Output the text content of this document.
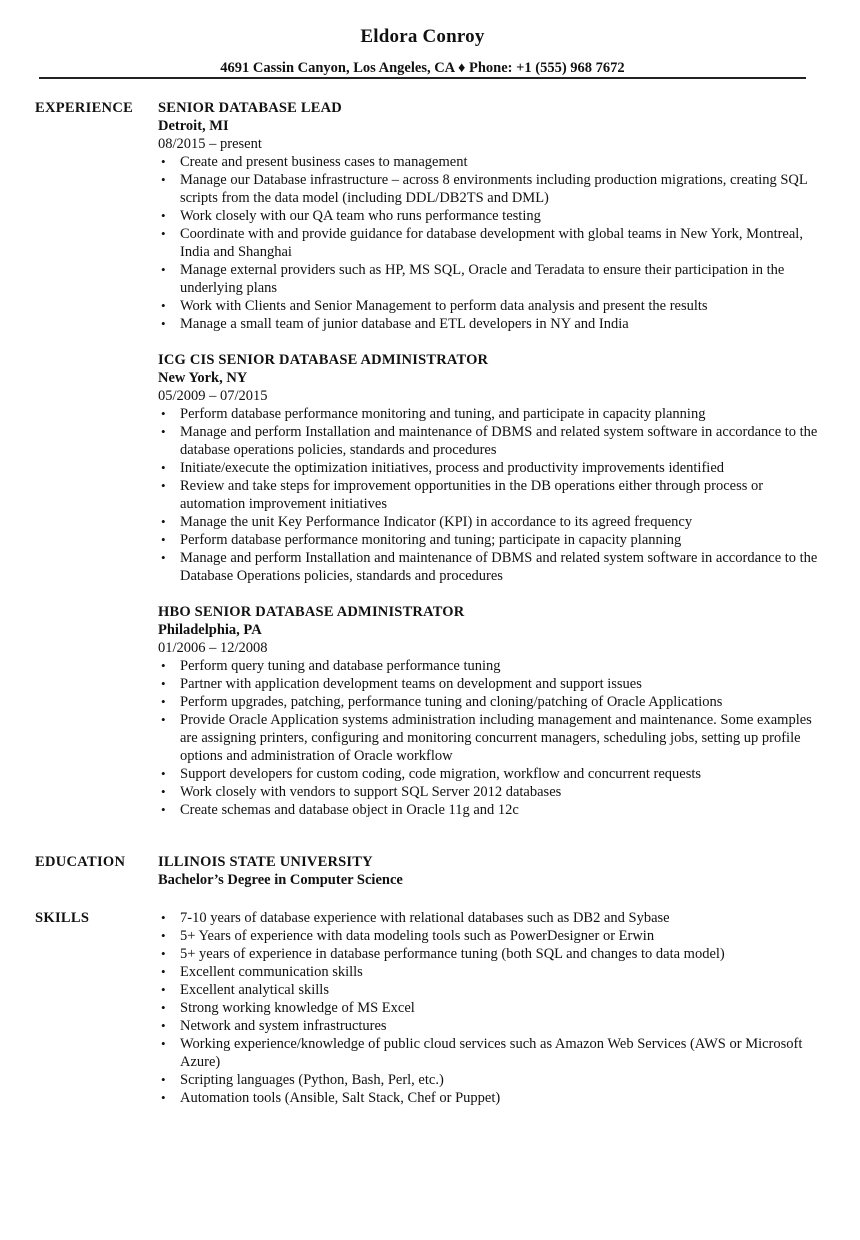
Eldora Conroy
4691 Cassin Canyon, Los Angeles, CA ♦ Phone: +1 (555) 968 7672
EXPERIENCE SENIOR DATABASE LEAD
Detroit, MI
08/2015 – present
• Create and present business cases to management
• Manage our Database infrastructure – across 8 environments including production migrations, creating SQL scripts from the data model (including DDL/DB2TS and DML)
• Work closely with our QA team who runs performance testing
• Coordinate with and provide guidance for database development with global teams in New York, Montreal, India and Shanghai
• Manage external providers such as HP, MS SQL, Oracle and Teradata to ensure their participation in the underlying plans
• Work with Clients and Senior Management to perform data analysis and present the results
• Manage a small team of junior database and ETL developers in NY and India
ICG CIS SENIOR DATABASE ADMINISTRATOR
New York, NY
05/2009 – 07/2015
• Perform database performance monitoring and tuning, and participate in capacity planning
• Manage and perform Installation and maintenance of DBMS and related system software in accordance to the database operations policies, standards and procedures
• Initiate/execute the optimization initiatives, process and productivity improvements identified
• Review and take steps for improvement opportunities in the DB operations either through process or automation improvement initiatives
• Manage the unit Key Performance Indicator (KPI) in accordance to its agreed frequency
• Perform database performance monitoring and tuning; participate in capacity planning
• Manage and perform Installation and maintenance of DBMS and related system software in accordance to the Database Operations policies, standards and procedures
HBO SENIOR DATABASE ADMINISTRATOR
Philadelphia, PA
01/2006 – 12/2008
• Perform query tuning and database performance tuning
• Partner with application development teams on development and support issues
• Perform upgrades, patching, performance tuning and cloning/patching of Oracle Applications
• Provide Oracle Application systems administration including management and maintenance. Some examples are assigning printers, configuring and monitoring concurrent managers, scheduling jobs, setting up profile options and administration of Oracle workflow
• Support developers for custom coding, code migration, workflow and concurrent requests
• Work closely with vendors to support SQL Server 2012 databases
• Create schemas and database object in Oracle 11g and 12c
EDUCATION ILLINOIS STATE UNIVERSITY
Bachelor’s Degree in Computer Science
SKILLS
•	7-10 years of database experience with relational databases such as DB2 and Sybase
• 5+ Years of experience with data modeling tools such as PowerDesigner or Erwin
• 5+ years of experience in database performance tuning (both SQL and changes to data model)
• Excellent communication skills
• Excellent analytical skills
• Strong working knowledge of MS Excel
• Network and system infrastructures
• Working experience/knowledge of public cloud services such as Amazon Web Services (AWS or Microsoft Azure)
• Scripting languages (Python, Bash, Perl, etc.)
• Automation tools (Ansible, Salt Stack, Chef or Puppet)
